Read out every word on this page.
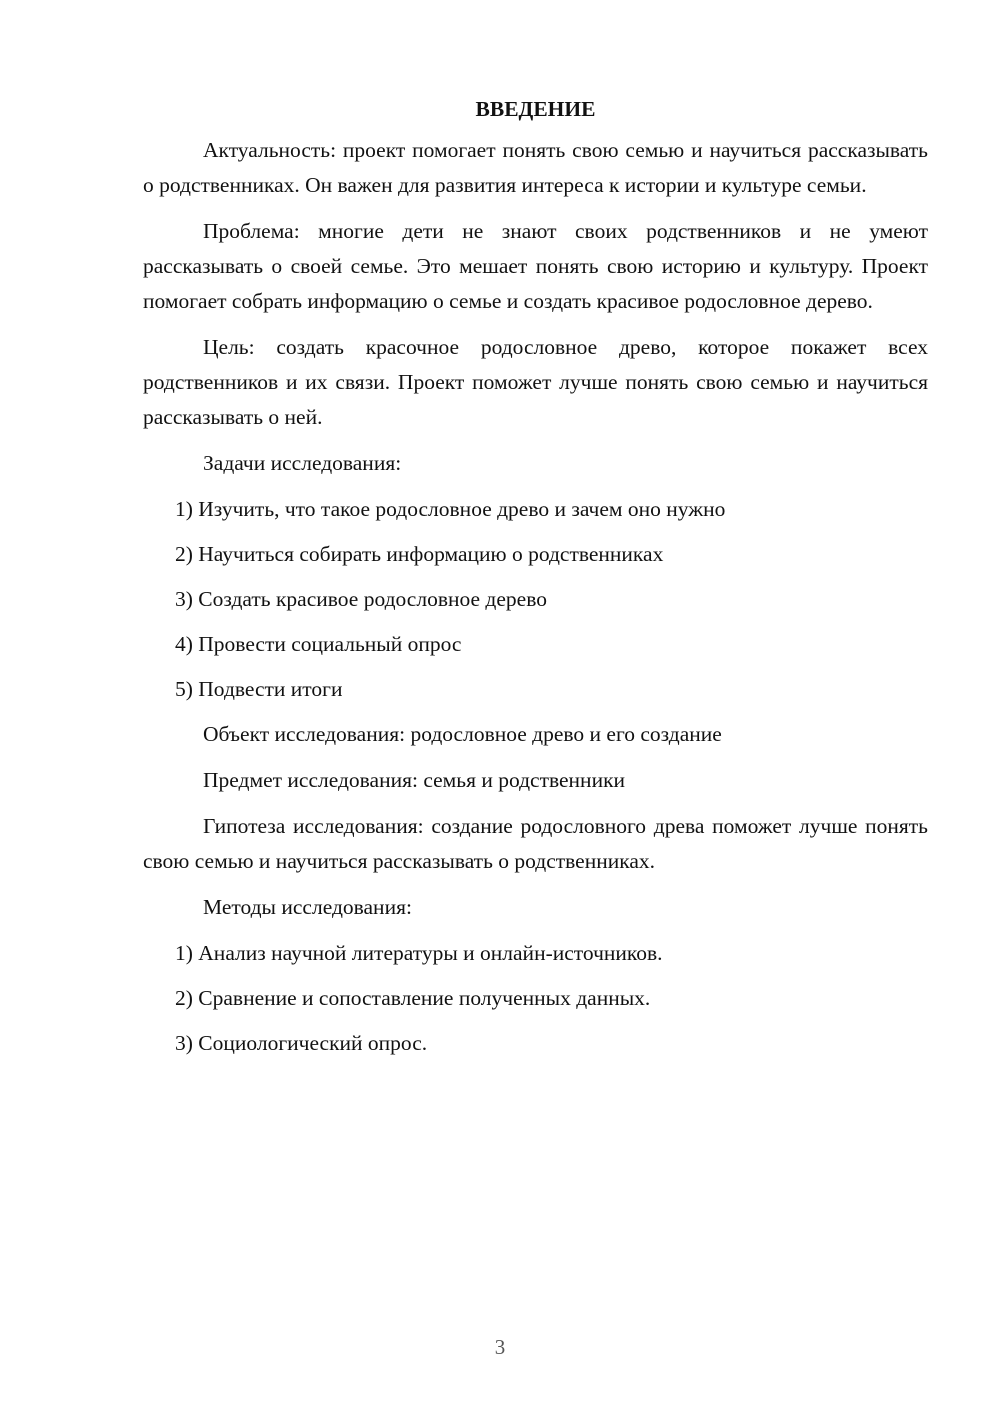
ВВЕДЕНИЕ

Актуальность: проект помогает понять свою семью и научиться рассказывать о родственниках. Он важен для развития интереса к истории и культуре семьи.

Проблема: многие дети не знают своих родственников и не умеют рассказывать о своей семье. Это мешает понять свою историю и культуру. Проект помогает собрать информацию о семье и создать красивое родословное дерево.

Цель: создать красочное родословное древо, которое покажет всех родственников и их связи. Проект поможет лучше понять свою семью и научиться рассказывать о ней.

Задачи исследования:

1) Изучить, что такое родословное древо и зачем оно нужно
2) Научиться собирать информацию о родственниках
3) Создать красивое родословное дерево
4) Провести социальный опрос
5) Подвести итоги

Объект исследования: родословное древо и его создание

Предмет исследования: семья и родственники

Гипотеза исследования: создание родословного древа поможет лучше понять свою семью и научиться рассказывать о родственниках.

Методы исследования:

1) Анализ научной литературы и онлайн-источников.
2) Сравнение и сопоставление полученных данных.
3) Социологический опрос.
3
